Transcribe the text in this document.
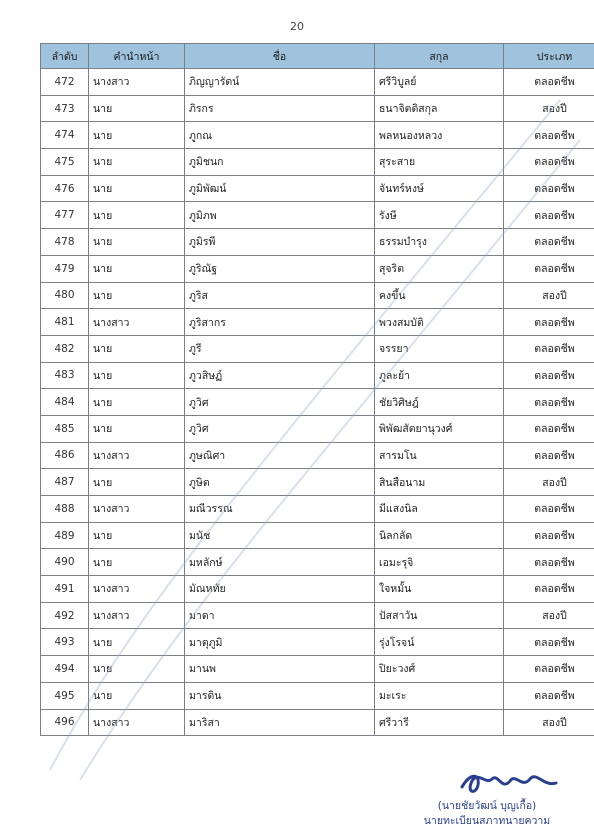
20
ลำดับ	คำนำหน้า	ชื่อ	สกุล	ประเภท
472	นางสาว	ภิญญารัตน์	ศรีวิบูลย์	ตลอดชีพ
473	นาย	ภิรกร	ธนาจิตติสกุล	สองปี
474	นาย	ภูกณ	พลหนองหลวง	ตลอดชีพ
475	นาย	ภูมิชนก	สุระสาย	ตลอดชีพ
476	นาย	ภูมิพัฒน์	จันทร์หงษ์	ตลอดชีพ
477	นาย	ภูมิภพ	รังษี	ตลอดชีพ
478	นาย	ภูมิรพี	ธรรมบำรุง	ตลอดชีพ
479	นาย	ภูริณัฐ	สุจริต	ตลอดชีพ
480	นาย	ภูริส	คงขึ้น	สองปี
481	นางสาว	ภูริสากร	พวงสมบัติ	ตลอดชีพ
482	นาย	ภูรี	จรรยา	ตลอดชีพ
483	นาย	ภูวสิษฏ์	ภูละย้า	ตลอดชีพ
484	นาย	ภูวิศ	ชัยวิศิษฎ์	ตลอดชีพ
485	นาย	ภูวิศ	พิพัฒสัตยานุวงศ์	ตลอดชีพ
486	นางสาว	ภูษณิศา	สารมโน	ตลอดชีพ
487	นาย	ภูษิต	สินสือนาม	สองปี
488	นางสาว	มณีวรรณ	มีแสงนิล	ตลอดชีพ
489	นาย	มนัช	นิลกลัด	ตลอดชีพ
490	นาย	มหลักษ์	เอมะรุจิ	ตลอดชีพ
491	นางสาว	มัณหทัย	ใจหมั้น	ตลอดชีพ
492	นางสาว	มาดา	ปัสสาวัน	สองปี
493	นาย	มาตุภูมิ	รุ่งโรจน์	ตลอดชีพ
494	นาย	มานพ	ปิยะวงศ์	ตลอดชีพ
495	นาย	มารดิน	มะเระ	ตลอดชีพ
496	นางสาว	มาริสา	ศรีวารี	สองปี
(นายชัยวัฒน์ บุญเกื้อ)
นายทะเบียนสภาทนายความ
